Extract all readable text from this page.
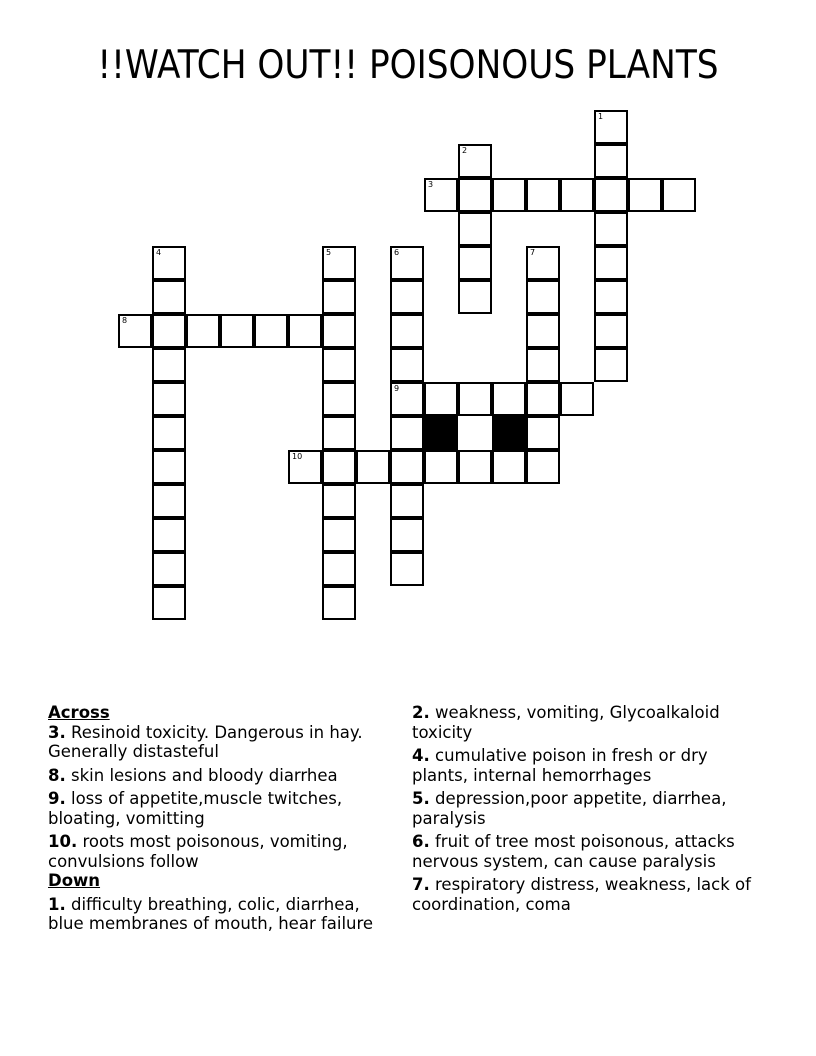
!!WATCH OUT!! POISONOUS PLANTS
3
8
9
10
1
2
4	5	6	7
Across
3. Resinoid toxicity. Dangerous in hay. Generally distasteful
8. skin lesions and bloody diarrhea
9. loss of appetite,muscle twitches, bloating, vomitting
10. roots most poisonous, vomiting, convulsions follow
Down
1. difficulty breathing, colic, diarrhea, blue membranes of mouth, hear failure
2. weakness, vomiting, Glycoalkaloid toxicity
4. cumulative poison in fresh or dry plants, internal hemorrhages
5. depression,poor appetite, diarrhea, paralysis
6. fruit of tree most poisonous, attacks nervous system, can cause paralysis
7. respiratory distress, weakness, lack of coordination, coma
